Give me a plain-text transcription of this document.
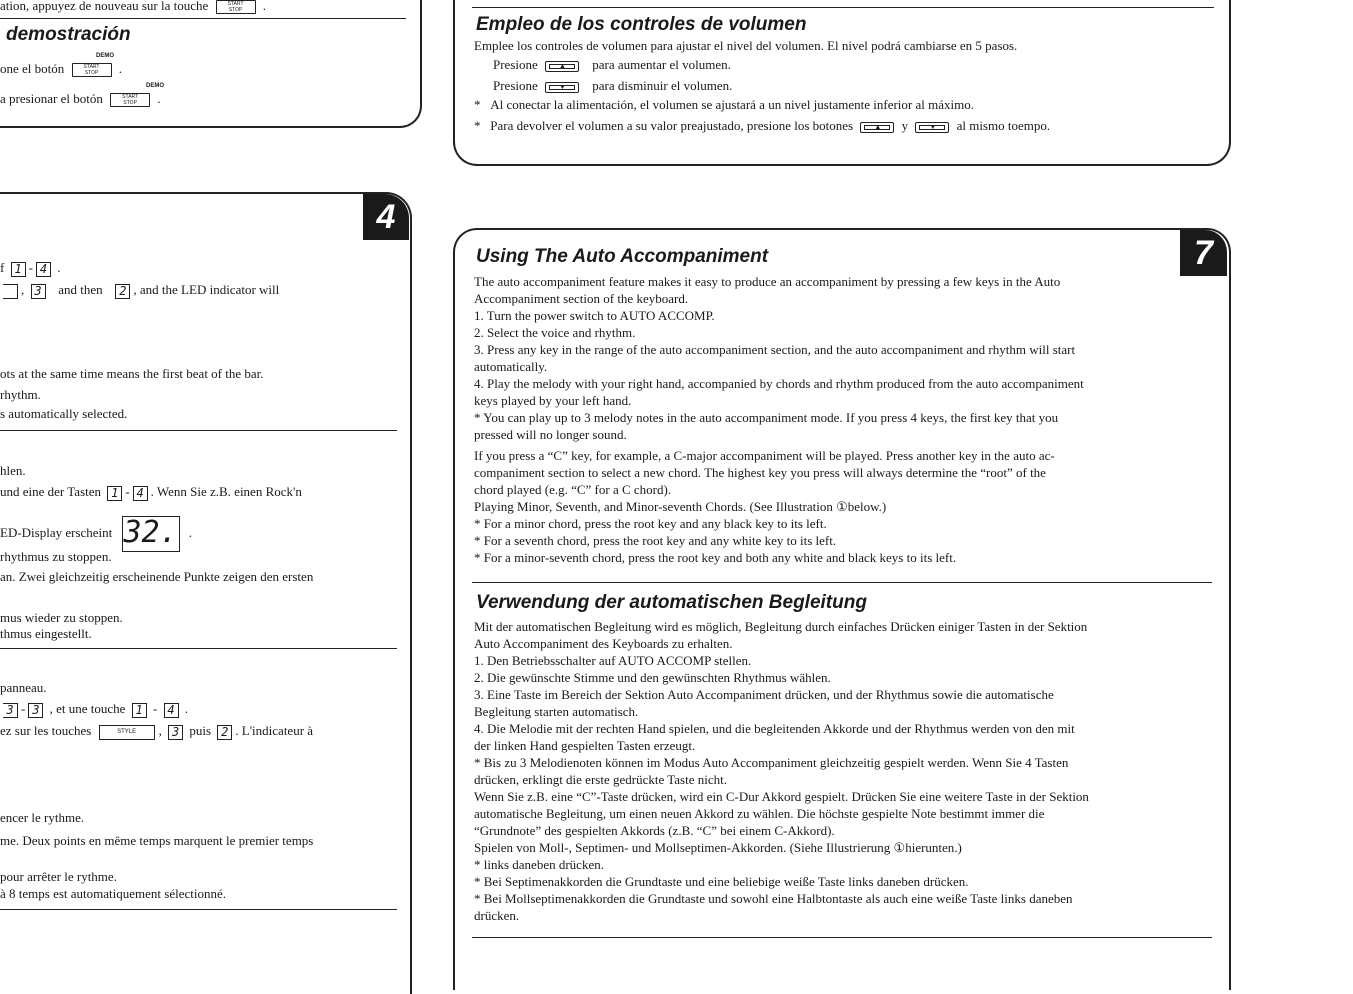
ation, appuyez de nouveau sur la touche	START
STOP	.
demostración
DEMO
one el botón	START
STOP	.
DEMO
a presionar el botón	START
STOP	.
Empleo de los controles de volumen
Emplee los controles de volumen para ajustar el nivel del volumen. El nivel podrá cambiarse en 5 pasos.
Presione	▲ para aumentar el volumen.
Presione	▼ para disminuir el volumen.
* Al conectar la alimentación, el volumen se ajustará a un nivel justamente inferior al máximo.
* Para devolver el volumen a su valor preajustado, presione los botones	▲ y	▼ al mismo toempo.
4
f 1 - 4 .
, 3 and then 2 , and the LED indicator will
ots at the same time means the first beat of the bar.
rhythm.
s automatically selected.
hlen.
und eine der Tasten 1 - 4 . Wenn Sie z.B. einen Rock'n
ED-Display erscheint 32. .
rhythmus zu stoppen.
an. Zwei gleichzeitig erscheinende Punkte zeigen den ersten
mus wieder zu stoppen.
thmus eingestellt.
panneau.
3 - 3 , et une touche 1 - 4 .
ez sur les touches	STYLE , 3 puis 2 . L'indicateur à
encer le rythme.
me. Deux points en même temps marquent le premier temps
pour arrêter le rythme.
à 8 temps est automatiquement sélectionné.
7
Using The Auto Accompaniment
The auto accompaniment feature makes it easy to produce an accompaniment by pressing a few keys in the Auto
Accompaniment section of the keyboard.
1. Turn the power switch to AUTO ACCOMP.
2. Select the voice and rhythm.
3. Press any key in the range of the auto accompaniment section, and the auto accompaniment and rhythm will start
automatically.
4. Play the melody with your right hand, accompanied by chords and rhythm produced from the auto accompaniment
keys played by your left hand.
* You can play up to 3 melody notes in the auto accompaniment mode. If you press 4 keys, the first key that you
pressed will no longer sound.
If you press a “C” key, for example, a C-major accompaniment will be played. Press another key in the auto ac-
companiment section to select a new chord. The highest key you press will always determine the “root” of the
chord played (e.g. “C” for a C chord).
Playing Minor, Seventh, and Minor-seventh Chords. (See Illustration ①below.)
* For a minor chord, press the root key and any black key to its left.
* For a seventh chord, press the root key and any white key to its left.
* For a minor-seventh chord, press the root key and both any white and black keys to its left.
Verwendung der automatischen Begleitung
Mit der automatischen Begleitung wird es möglich, Begleitung durch einfaches Drücken einiger Tasten in der Sektion
Auto Accompaniment des Keyboards zu erhalten.
1. Den Betriebsschalter auf AUTO ACCOMP stellen.
2. Die gewünschte Stimme und den gewünschten Rhythmus wählen.
3. Eine Taste im Bereich der Sektion Auto Accompaniment drücken, und der Rhythmus sowie die automatische
Begleitung starten automatisch.
4. Die Melodie mit der rechten Hand spielen, und die begleitenden Akkorde und der Rhythmus werden von den mit
der linken Hand gespielten Tasten erzeugt.
* Bis zu 3 Melodienoten können im Modus Auto Accompaniment gleichzeitig gespielt werden. Wenn Sie 4 Tasten
drücken, erklingt die erste gedrückte Taste nicht.
Wenn Sie z.B. eine “C”-Taste drücken, wird ein C-Dur Akkord gespielt. Drücken Sie eine weitere Taste in der Sektion
automatische Begleitung, um einen neuen Akkord zu wählen. Die höchste gespielte Note bestimmt immer die
“Grundnote” des gespielten Akkords (z.B. “C” bei einem C-Akkord).
Spielen von Moll-, Septimen- und Mollseptimen-Akkorden. (Siehe Illustrierung ①hierunten.)
* links daneben drücken.
* Bei Septimenakkorden die Grundtaste und eine beliebige weiße Taste links daneben drücken.
* Bei Mollseptimenakkorden die Grundtaste und sowohl eine Halbtontaste als auch eine weiße Taste links daneben
drücken.
